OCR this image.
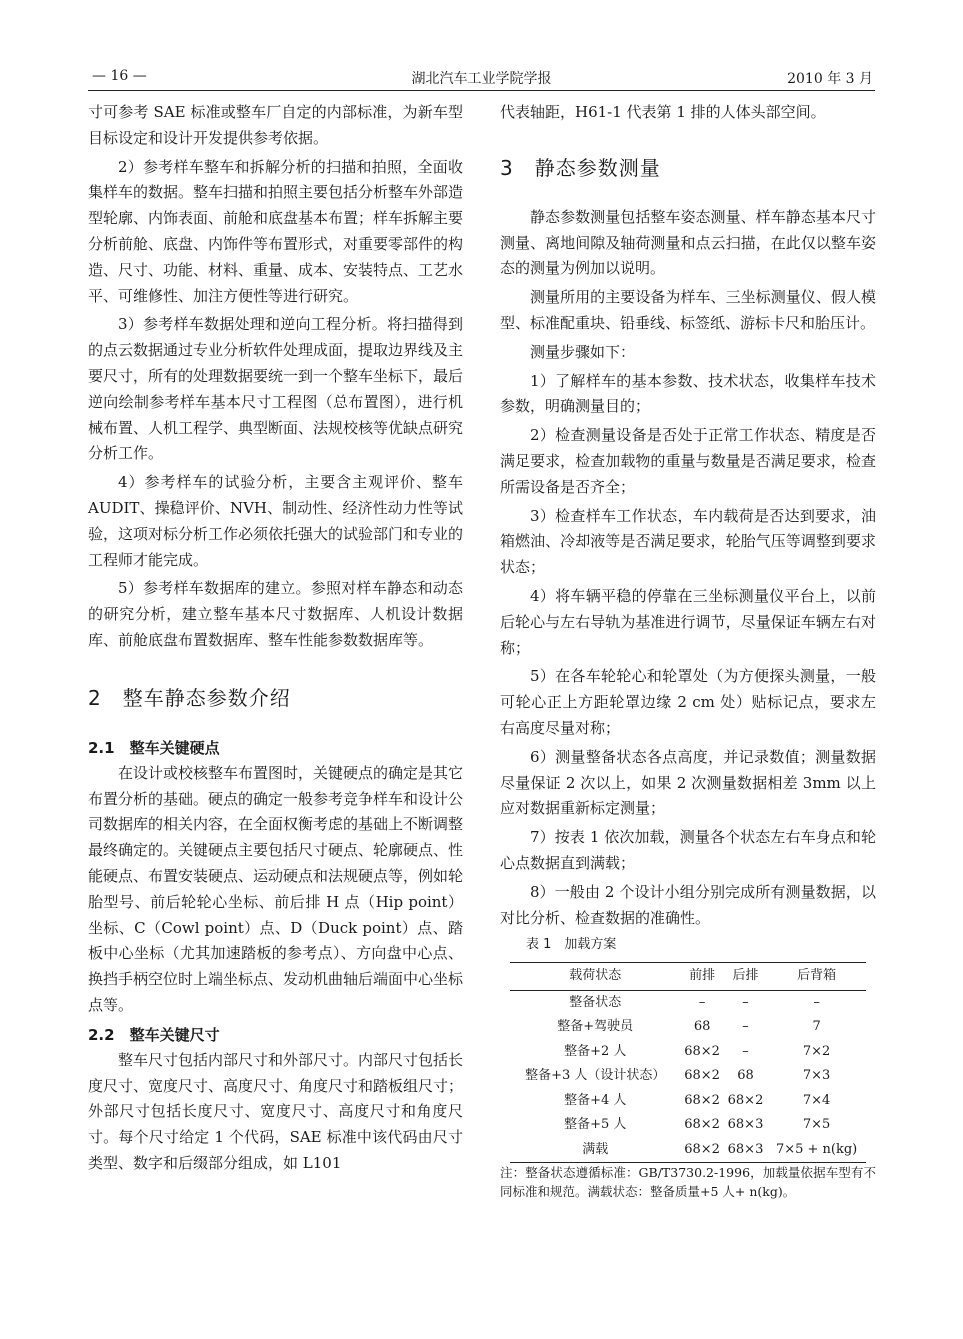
— 16 —	湖北汽车工业学院学报	2010 年 3 月

寸可参考 SAE 标准或整车厂自定的内部标准，为新车型目标设定和设计开发提供参考依据。

2）参考样车整车和拆解分析的扫描和拍照，全面收集样车的数据。整车扫描和拍照主要包括分析整车外部造型轮廓、内饰表面、前舱和底盘基本布置；样车拆解主要分析前舱、底盘、内饰件等布置形式，对重要零部件的构造、尺寸、功能、材料、重量、成本、安装特点、工艺水平、可维修性、加注方便性等进行研究。

3）参考样车数据处理和逆向工程分析。将扫描得到的点云数据通过专业分析软件处理成面，提取边界线及主要尺寸，所有的处理数据要统一到一个整车坐标下，最后逆向绘制参考样车基本尺寸工程图（总布置图），进行机械布置、人机工程学、典型断面、法规校核等优缺点研究分析工作。

4）参考样车的试验分析，主要含主观评价、整车 AUDIT、操稳评价、NVH、制动性、经济性动力性等试验，这项对标分析工作必须依托强大的试验部门和专业的工程师才能完成。

5）参考样车数据库的建立。参照对样车静态和动态的研究分析，建立整车基本尺寸数据库、人机设计数据库、前舱底盘布置数据库、整车性能参数数据库等。

2　整车静态参数介绍
2.1　整车关键硬点

在设计或校核整车布置图时，关键硬点的确定是其它布置分析的基础。硬点的确定一般参考竞争样车和设计公司数据库的相关内容，在全面权衡考虑的基础上不断调整最终确定的。关键硬点主要包括尺寸硬点、轮廓硬点、性能硬点、布置安装硬点、运动硬点和法规硬点等，例如轮胎型号、前后轮轮心坐标、前后排 H 点（Hip point）坐标、C（Cowl point）点、D（Duck point）点、踏板中心坐标（尤其加速踏板的参考点）、方向盘中心点、换挡手柄空位时上端坐标点、发动机曲轴后端面中心坐标点等。

2.2　整车关键尺寸

整车尺寸包括内部尺寸和外部尺寸。内部尺寸包括长度尺寸、宽度尺寸、高度尺寸、角度尺寸和踏板组尺寸；外部尺寸包括长度尺寸、宽度尺寸、高度尺寸和角度尺寸。每个尺寸给定 1 个代码，SAE 标准中该代码由尺寸类型、数字和后缀部分组成，如 L101

代表轴距，H61-1 代表第 1 排的人体头部空间。

3　静态参数测量

静态参数测量包括整车姿态测量、样车静态基本尺寸测量、离地间隙及轴荷测量和点云扫描，在此仅以整车姿态的测量为例加以说明。

测量所用的主要设备为样车、三坐标测量仪、假人模型、标准配重块、铅垂线、标签纸、游标卡尺和胎压计。

测量步骤如下：

1）了解样车的基本参数、技术状态，收集样车技术参数，明确测量目的；

2）检查测量设备是否处于正常工作状态、精度是否满足要求，检查加载物的重量与数量是否满足要求，检查所需设备是否齐全；

3）检查样车工作状态，车内载荷是否达到要求，油箱燃油、冷却液等是否满足要求，轮胎气压等调整到要求状态；

4）将车辆平稳的停靠在三坐标测量仪平台上，以前后轮心与左右导轨为基准进行调节，尽量保证车辆左右对称；

5）在各车轮轮心和轮罩处（为方便探头测量，一般可轮心正上方距轮罩边缘 2 cm 处）贴标记点，要求左右高度尽量对称；

6）测量整备状态各点高度，并记录数值；测量数据尽量保证 2 次以上，如果 2 次测量数据相差 3mm 以上应对数据重新标定测量；

7）按表 1 依次加载，测量各个状态左右车身点和轮心点数据直到满载；

8）一般由 2 个设计小组分别完成所有测量数据，以对比分析、检查数据的准确性。

表 1　加载方案

载荷状态	前排	后排	后背箱
整备状态	–	–	–
整备+驾驶员	68	–	7
整备+2 人	68×2	–	7×2
整备+3 人（设计状态）	68×2	68	7×3
整备+4 人	68×2	68×2	7×4
整备+5 人	68×2	68×3	7×5
满载	68×2	68×3	7×5 + n(kg)

注：整备状态遵循标准：GB/T3730.2-1996，加载量依据车型有不同标准和规范。满载状态：整备质量+5 人+ n(kg)。
